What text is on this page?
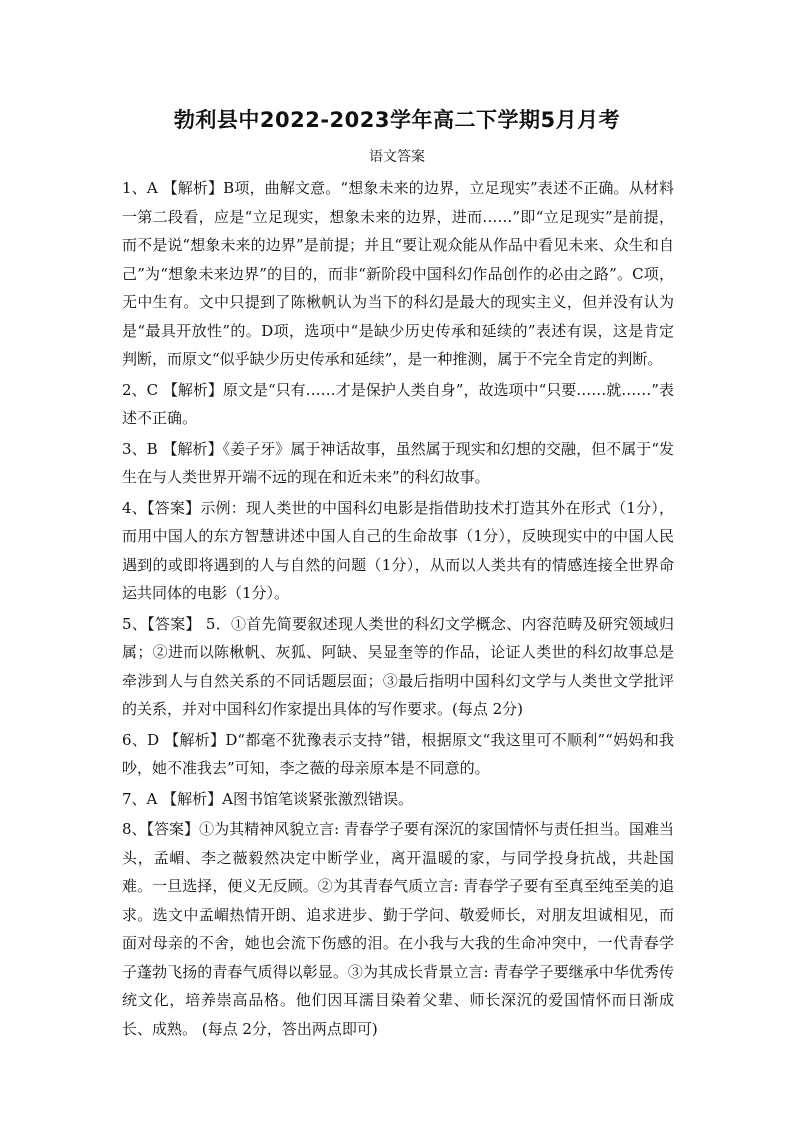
勃利县中2022-2023学年高二下学期5月月考
语文答案

1、A 【解析】B项，曲解文意。“想象未来的边界，立足现实”表述不正确。从材料一第二段看，应是“立足现实，想象未来的边界，进而……”即“立足现实”是前提，而不是说“想象未来的边界”是前提；并且“要让观众能从作品中看见未来、众生和自己”为“想象未来边界”的目的，而非“新阶段中国科幻作品创作的必由之路”。C项，无中生有。文中只提到了陈楸帆认为当下的科幻是最大的现实主义，但并没有认为是“最具开放性”的。D项，选项中“是缺少历史传承和延续的”表述有误，这是肯定判断，而原文“似乎缺少历史传承和延续”，是一种推测，属于不完全肯定的判断。

2、C 【解析】原文是“只有……才是保护人类自身”，故选项中“只要……就……”表述不正确。

3、B 【解析】《姜子牙》属于神话故事，虽然属于现实和幻想的交融，但不属于“发生在与人类世界开端不远的现在和近未来”的科幻故事。

4、【答案】示例：现人类世的中国科幻电影是指借助技术打造其外在形式（1分），而用中国人的东方智慧讲述中国人自己的生命故事（1分），反映现实中的中国人民遇到的或即将遇到的人与自然的问题（1分），从而以人类共有的情感连接全世界命运共同体的电影（1分）。

5、【答案】 5．①首先简要叙述现人类世的科幻文学概念、内容范畴及研究领域归属；②进而以陈楸帆、灰狐、阿缺、吴显奎等的作品，论证人类世的科幻故事总是牵涉到人与自然关系的不同话题层面；③最后指明中国科幻文学与人类世文学批评的关系，并对中国科幻作家提出具体的写作要求。(每点 2分)

6、D 【解析】D“都毫不犹豫表示支持”错，根据原文“我这里可不顺利”“妈妈和我吵，她不准我去”可知，李之薇的母亲原本是不同意的。

7、A 【解析】A图书馆笔谈紧张激烈错误。

8、【答案】①为其精神风貌立言: 青春学子要有深沉的家国情怀与责任担当。国难当头，孟嵋、李之薇毅然决定中断学业，离开温暖的家，与同学投身抗战，共赴国难。一旦选择，便义无反顾。②为其青春气质立言: 青春学子要有至真至纯至美的追求。选文中孟嵋热情开朗、追求进步、勤于学问、敬爱师长，对朋友坦诚相见，而面对母亲的不舍，她也会流下伤感的泪。在小我与大我的生命冲突中，一代青春学子蓬勃飞扬的青春气质得以彰显。③为其成长背景立言: 青春学子要继承中华优秀传统文化，培养崇高品格。他们因耳濡目染着父辈、师长深沉的爱国情怀而日渐成长、成熟。 (每点 2分，答出两点即可)
